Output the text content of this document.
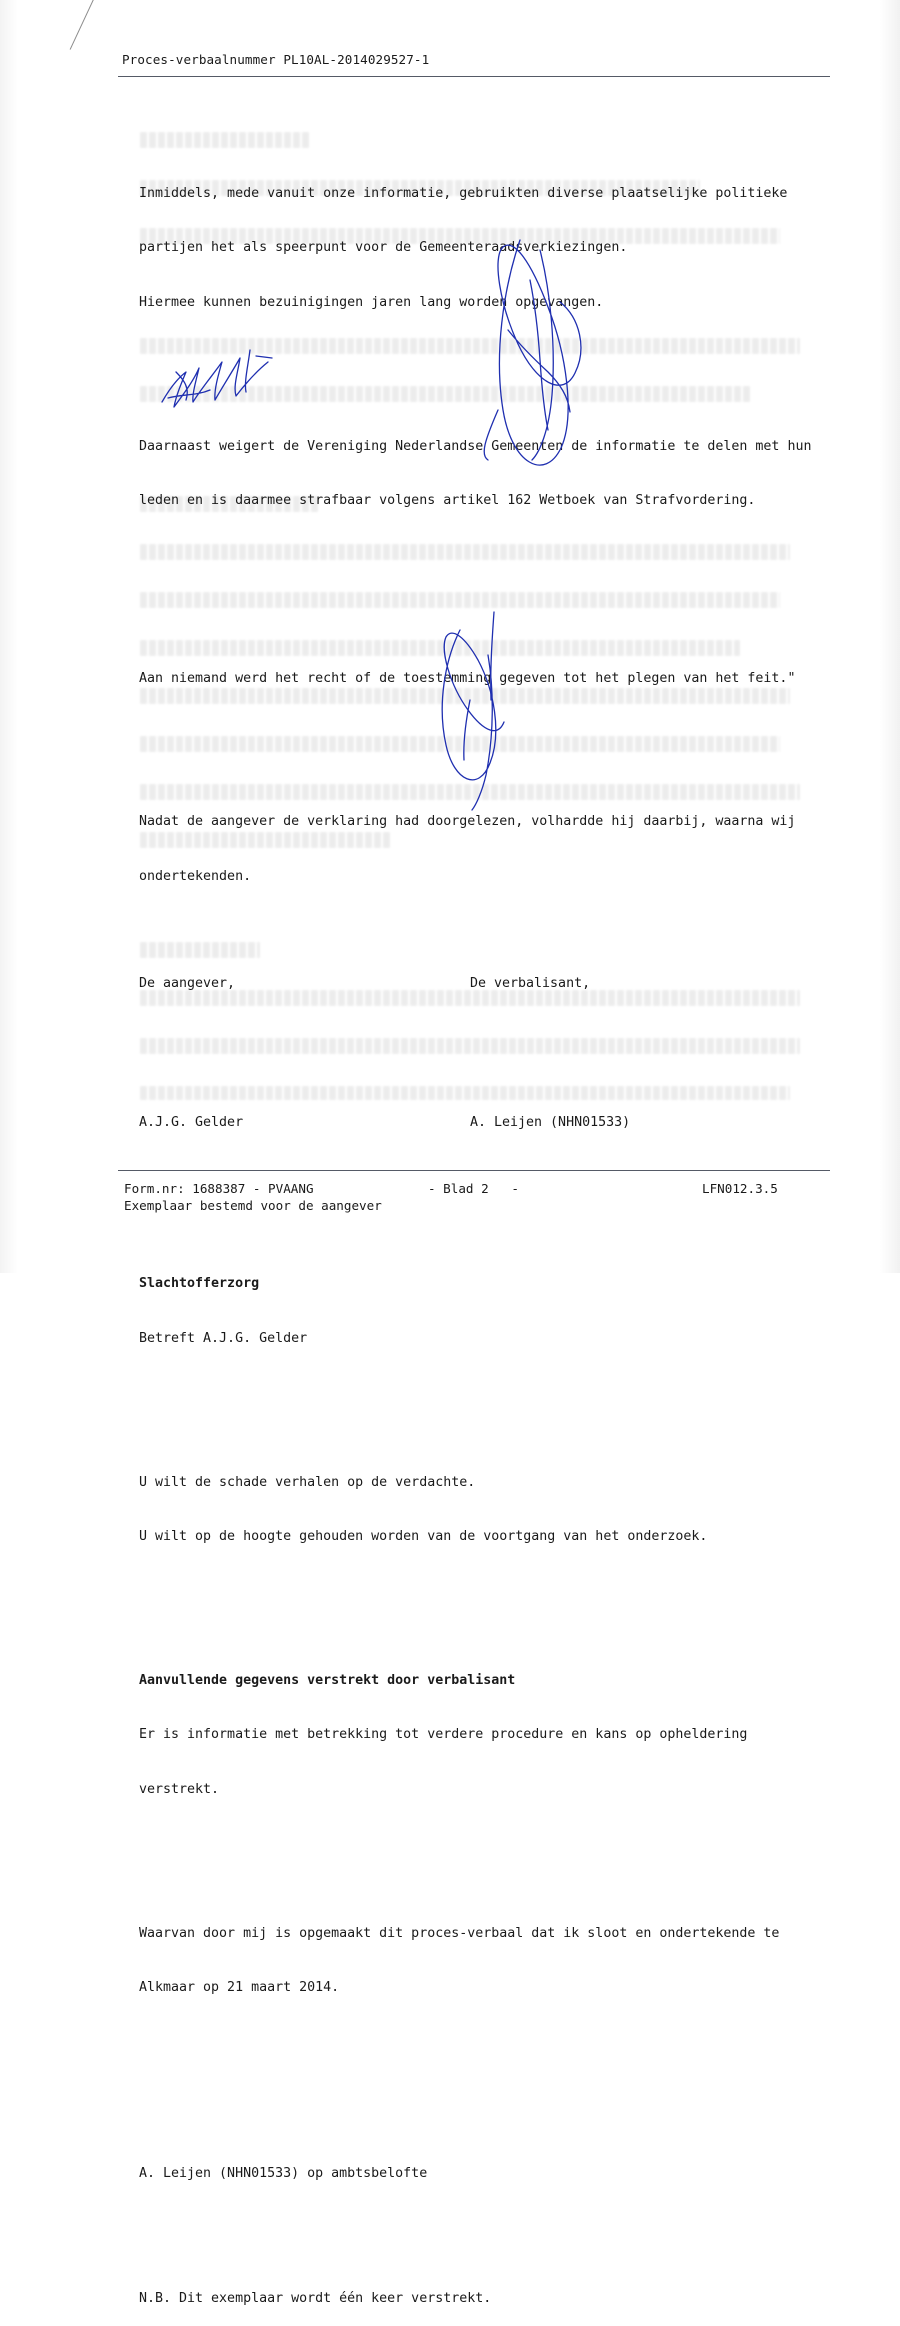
Proces-verbaalnummer PL10AL-2014029527-1

Inmiddels, mede vanuit onze informatie, gebruikten diverse plaatselijke politieke

partijen het als speerpunt voor de Gemeenteraadsverkiezingen.

Hiermee kunnen bezuinigingen jaren lang worden opgevangen.

Daarnaast weigert de Vereniging Nederlandse Gemeenten de informatie te delen met hun

leden en is daarmee strafbaar volgens artikel 162 Wetboek van Strafvordering.

Aan niemand werd het recht of de toestemming gegeven tot het plegen van het feit."

Nadat de aangever de verklaring had doorgelezen, volhardde hij daarbij, waarna wij

ondertekenden.

De aangever,

	De verbalisant,

A.J.G. Gelder

	A. Leijen (NHN01533)

Slachtofferzorg

Betreft A.J.G. Gelder

U wilt de schade verhalen op de verdachte.

U wilt op de hoogte gehouden worden van de voortgang van het onderzoek.

Aanvullende gegevens verstrekt door verbalisant

Er is informatie met betrekking tot verdere procedure en kans op opheldering

verstrekt.

Waarvan door mij is opgemaakt dit proces-verbaal dat ik sloot en ondertekende te

Alkmaar op 21 maart 2014.

A. Leijen (NHN01533) op ambtsbelofte

N.B. Dit exemplaar wordt één keer verstrekt.

Form.nr: 1688387 - PVAANG
Exemplaar bestemd voor de aangever
- Blad 2   -	LFN012.3.5
